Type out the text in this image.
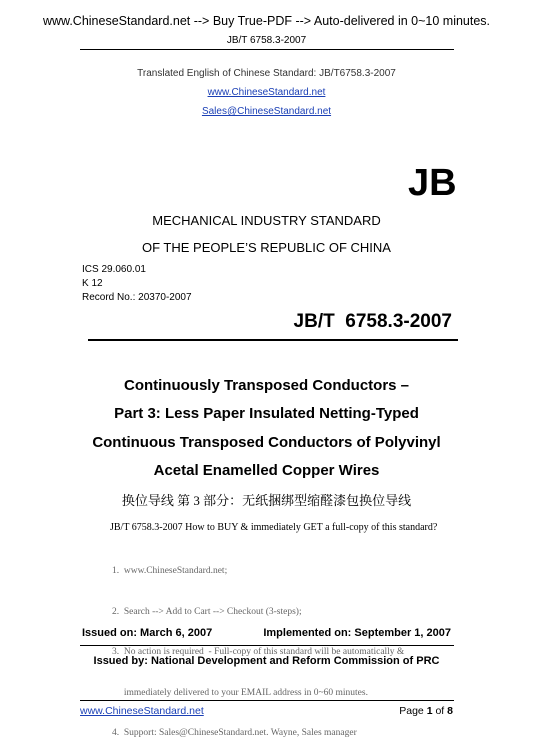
www.ChineseStandard.net --> Buy True-PDF --> Auto-delivered in 0~10 minutes.
JB/T 6758.3-2007
Translated English of Chinese Standard: JB/T6758.3-2007
www.ChineseStandard.net
Sales@ChineseStandard.net
JB
MECHANICAL INDUSTRY STANDARD
OF THE PEOPLE’S REPUBLIC OF CHINA
ICS 29.060.01
K 12
Record No.: 20370-2007
JB/T  6758.3-2007
Continuously Transposed Conductors –
Part 3: Less Paper Insulated Netting-Typed
Continuous Transposed Conductors of Polyvinyl
Acetal Enamelled Copper Wires
换位导线 第 3 部分：无纸捆绑型缩醛漆包换位导线
JB/T 6758.3-2007 How to BUY & immediately GET a full-copy of this standard?

1.  www.ChineseStandard.net;

2.  Search --> Add to Cart --> Checkout (3-steps);

3.  No action is required  - Full-copy of this standard will be automatically &

immediately delivered to your EMAIL address in 0~60 minutes.

4.  Support: Sales@ChineseStandard.net. Wayne, Sales manager

Issued on: March 6, 2007	Implemented on: September 1, 2007
Issued by: National Development and Reform Commission of PRC
www.ChineseStandard.net	Page 1 of 8
